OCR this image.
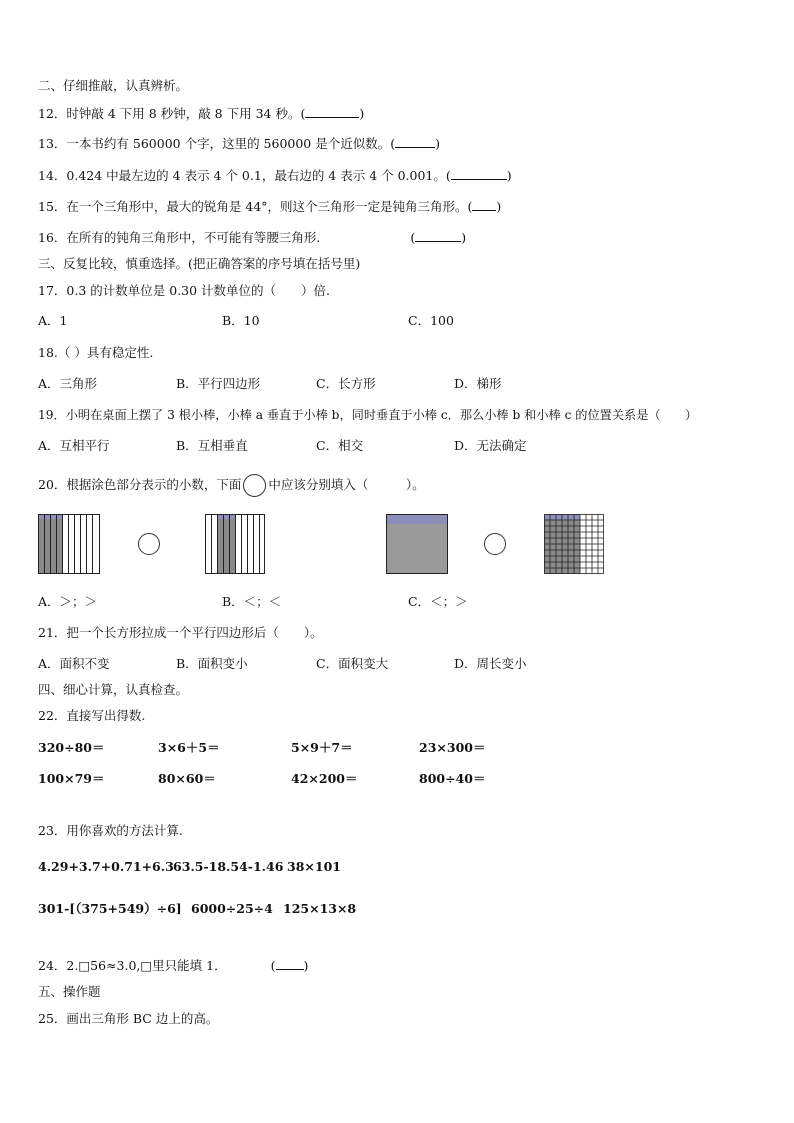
二、仔细推敲，认真辨析。
12．时钟敲 4 下用 8 秒钟，敲 8 下用 34 秒。(	)
13．一本书约有 560000 个字，这里的 560000 是个近似数。(	)
14．0.424 中最左边的 4 表示 4 个 0.1，最右边的 4 表示 4 个 0.001。(	)
15．在一个三角形中，最大的锐角是 44°，则这个三角形一定是钝角三角形。( )
16．在所有的钝角三角形中，不可能有等腰三角形.	(	)
三、反复比较，慎重选择。(把正确答案的序号填在括号里)
17．0.3 的计数单位是 0.30 计数单位的（　　）倍.
A．1	B．10	C．100
18.（ ）具有稳定性.
A．三角形	B．平行四边形	C．长方形	D．梯形
19．小明在桌面上摆了 3 根小棒，小棒 a 垂直于小棒 b，同时垂直于小棒 c．那么小棒 b 和小棒 c 的位置关系是（　　）
A．互相平行	B．互相垂直	C．相交	D．无法确定
20．根据涂色部分表示的小数，下面 中应该分别填入（　　　）。
A．＞；＞	B．＜；＜	C．＜；＞
21．把一个长方形拉成一个平行四边形后（　　）。
A．面积不变	B．面积变小	C．面积变大	D．周长变小
四、细心计算，认真检查。
22．直接写出得数.
320÷80＝	3×6＋5＝	5×9＋7＝	23×300＝
100×79＝	80×60＝	42×200＝	800÷40＝
23．用你喜欢的方法计算.
4.29+3.7+0.71+6.3 63.5-18.54-1.46 38×101
301-[（375+549）÷6] 6000÷25÷4 125×13×8
24．2.□56≈3.0,□里只能填 1．	( )
五、操作题
25．画出三角形 BC 边上的高。
